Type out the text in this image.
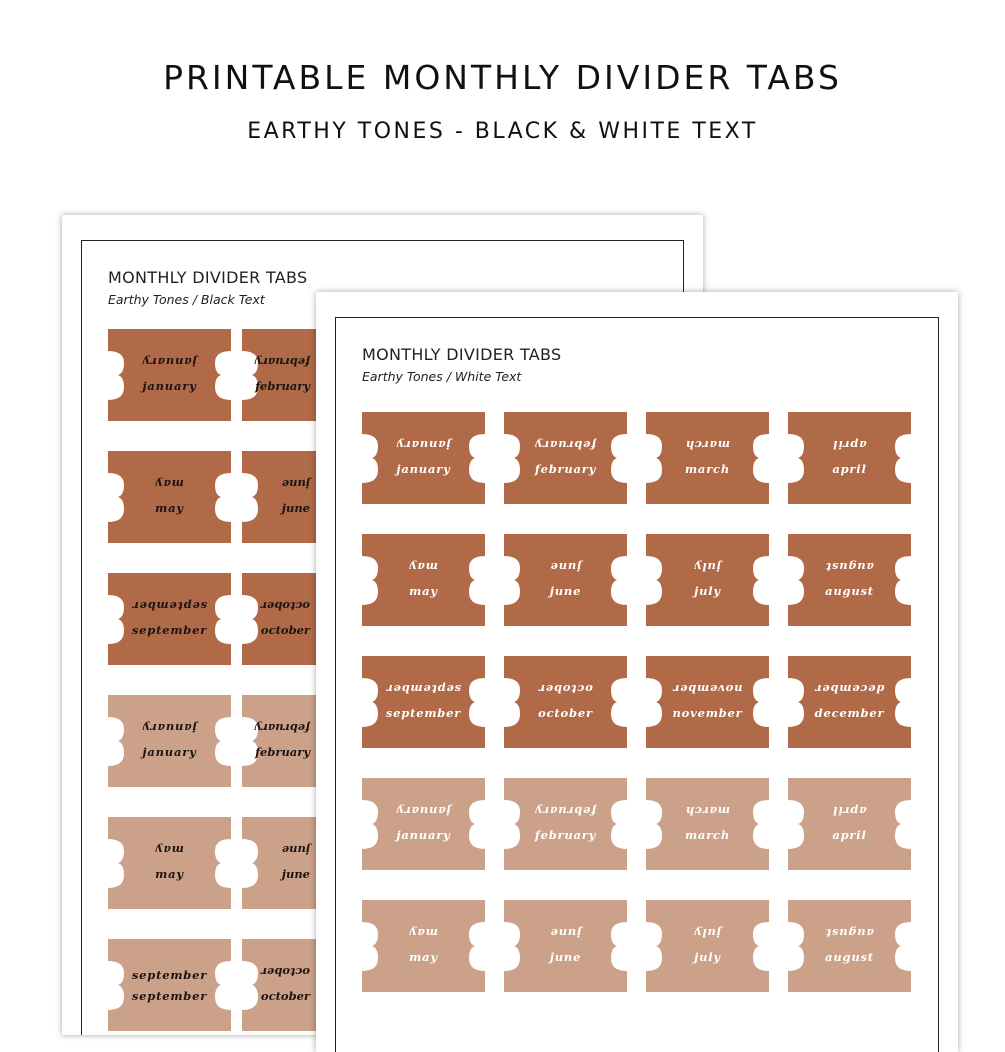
PRINTABLE MONTHLY DIVIDER TABS
EARTHY TONES - BLACK & WHITE TEXT
MONTHLY DIVIDER TABS
Earthy Tones / Black Text
january
january
february
february
may
may
june
june
september
september
october
october
january
january
february
february
may
may
june
june
september
september
october
october
MONTHLY DIVIDER TABS
Earthy Tones / White Text
january
january
february
february
march
march
april
april
may
may
june
june
july
july
august
august
september
september
october
october
november
november
december
december
january
january
february
february
march
march
april
april
may
may
june
june
july
july
august
august
